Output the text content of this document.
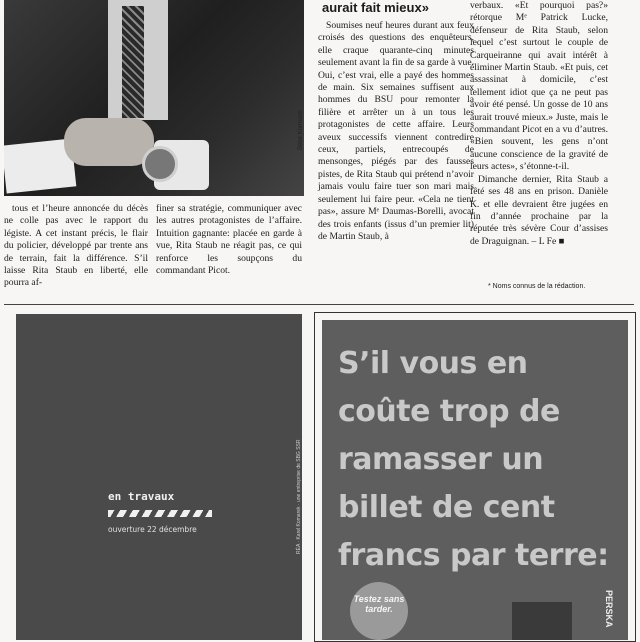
Bébé Kormans
aurait fait mieux»

tous et l’heure annoncée du décès ne colle pas avec le rapport du légiste. A cet instant précis, le flair du policier, développé par trente ans de terrain, fait la différence. S’il laisse Rita Staub en liberté, elle pourra af-

finer sa stratégie, communiquer avec les autres protagonistes de l’affaire. Intuition gagnante: placée en garde à vue, Rita Staub ne réagit pas, ce qui renforce les soupçons du commandant Picot.

Soumises neuf heures durant aux feux croisés des questions des enquêteurs, elle craque quarante-cinq minutes seulement avant la fin de sa garde à vue. Oui, c’est vrai, elle a payé des hommes de main. Six semaines suffisent aux hommes du BSU pour remonter la filière et arrêter un à un tous les protagonistes de cette affaire. Leurs aveux successifs viennent contredire ceux, partiels, entrecoupés de mensonges, piégés par des fausses pistes, de Rita Staub qui prétend n’avoir jamais voulu faire tuer son mari mais seulement lui faire peur. «Cela ne tient pas», assure Mᵉ Daumas-Borelli, avocat des trois enfants (issus d’un premier lit) de Martin Staub, à

verbaux. «Et pourquoi pas?» rétorque Mᵉ Patrick Lucke, défenseur de Rita Staub, selon lequel c’est surtout le couple de Carqueiranne qui avait intérêt à éliminer Martin Staub. «Et puis, cet assassinat à domicile, c’est tellement idiot que ça ne peut pas avoir été pensé. Un gosse de 10 ans aurait trouvé mieux.» Juste, mais le commandant Picot en a vu d’autres. «Bien souvent, les gens n’ont aucune conscience de la gravité de leurs actes», s’étonne-t-il.

Dimanche dernier, Rita Staub a fêté ses 48 ans en prison. Danièle K. et elle devraient être jugées en fin d’année prochaine par la réputée très sévère Cour d’assises de Draguignan. – L Fe ■

* Noms connus de la rédaction.
en travaux
ouverture 22 décembre	RÉA · Karel Komarek · une entreprise de SBG SSR
S’il vous en coûte trop de ramasser un billet de cent francs par terre:
Testez sans tarder.	PERSKA
